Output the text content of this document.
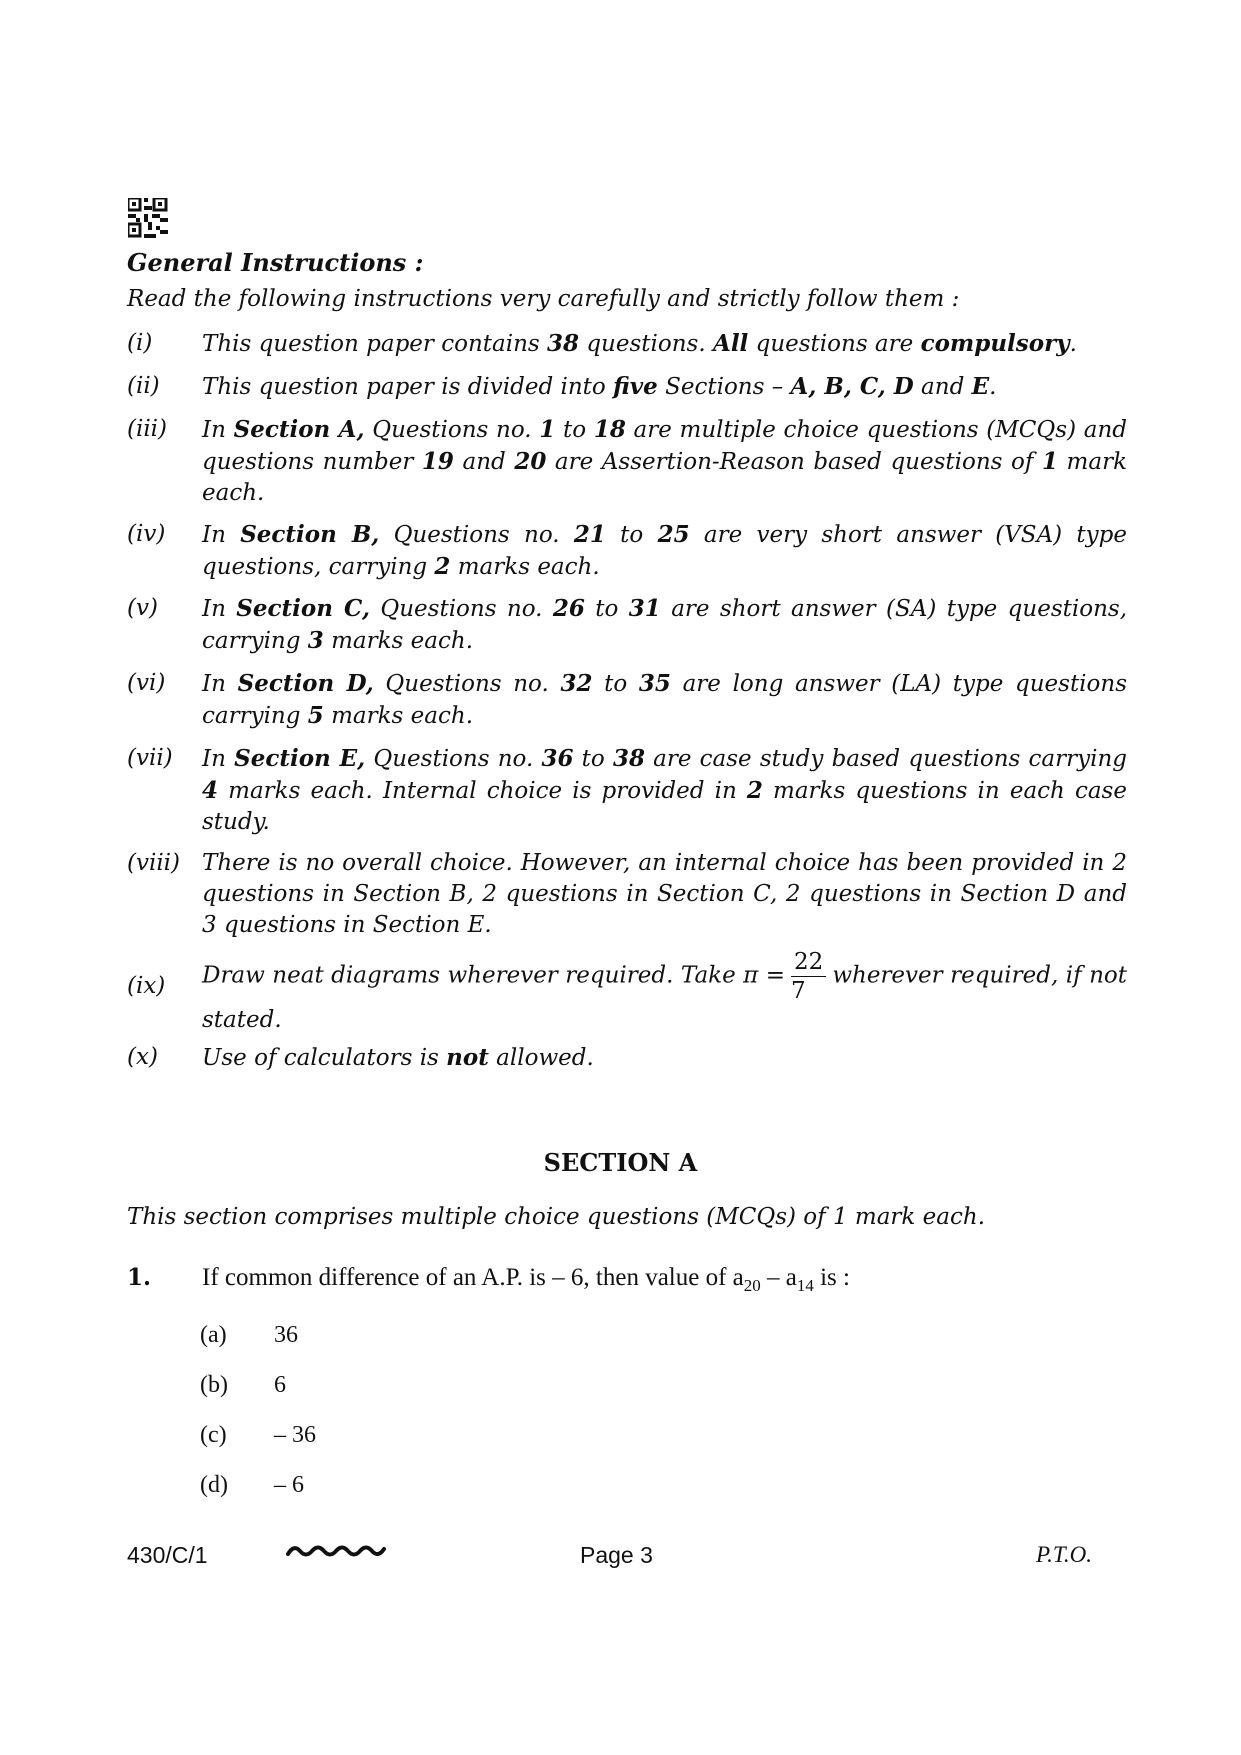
General Instructions :
Read the following instructions very carefully and strictly follow them :
(i)	This question paper contains 38 questions. All questions are compulsory.
(ii)	This question paper is divided into five Sections – A, B, C, D and E.
(iii)	In Section A, Questions no. 1 to 18 are multiple choice questions (MCQs) and questions number 19 and 20 are Assertion-Reason based questions of 1 mark each.
(iv)	In Section B, Questions no. 21 to 25 are very short answer (VSA) type questions, carrying 2 marks each.
(v)	In Section C, Questions no. 26 to 31 are short answer (SA) type questions, carrying 3 marks each.
(vi)	In Section D, Questions no. 32 to 35 are long answer (LA) type questions carrying 5 marks each.
(vii)	In Section E, Questions no. 36 to 38 are case study based questions carrying 4 marks each. Internal choice is provided in 2 marks questions in each case study.
(viii) There is no overall choice. However, an internal choice has been provided in 2 questions in Section B, 2 questions in Section C, 2 questions in Section D and 3 questions in Section E.
(ix)	Draw neat diagrams wherever required. Take $\pi = \frac{22}{7}$ wherever required, if not stated.
(x)	Use of calculators is not allowed.
SECTION A
This section comprises multiple choice questions (MCQs) of 1 mark each.
1. If common difference of an A.P. is – 6, then value of $a_{20} - a_{14}$ is :
(a) 36
(b) 6
(c) – 36
(d) – 6
430/C/1	Page 3	P.T.O.
